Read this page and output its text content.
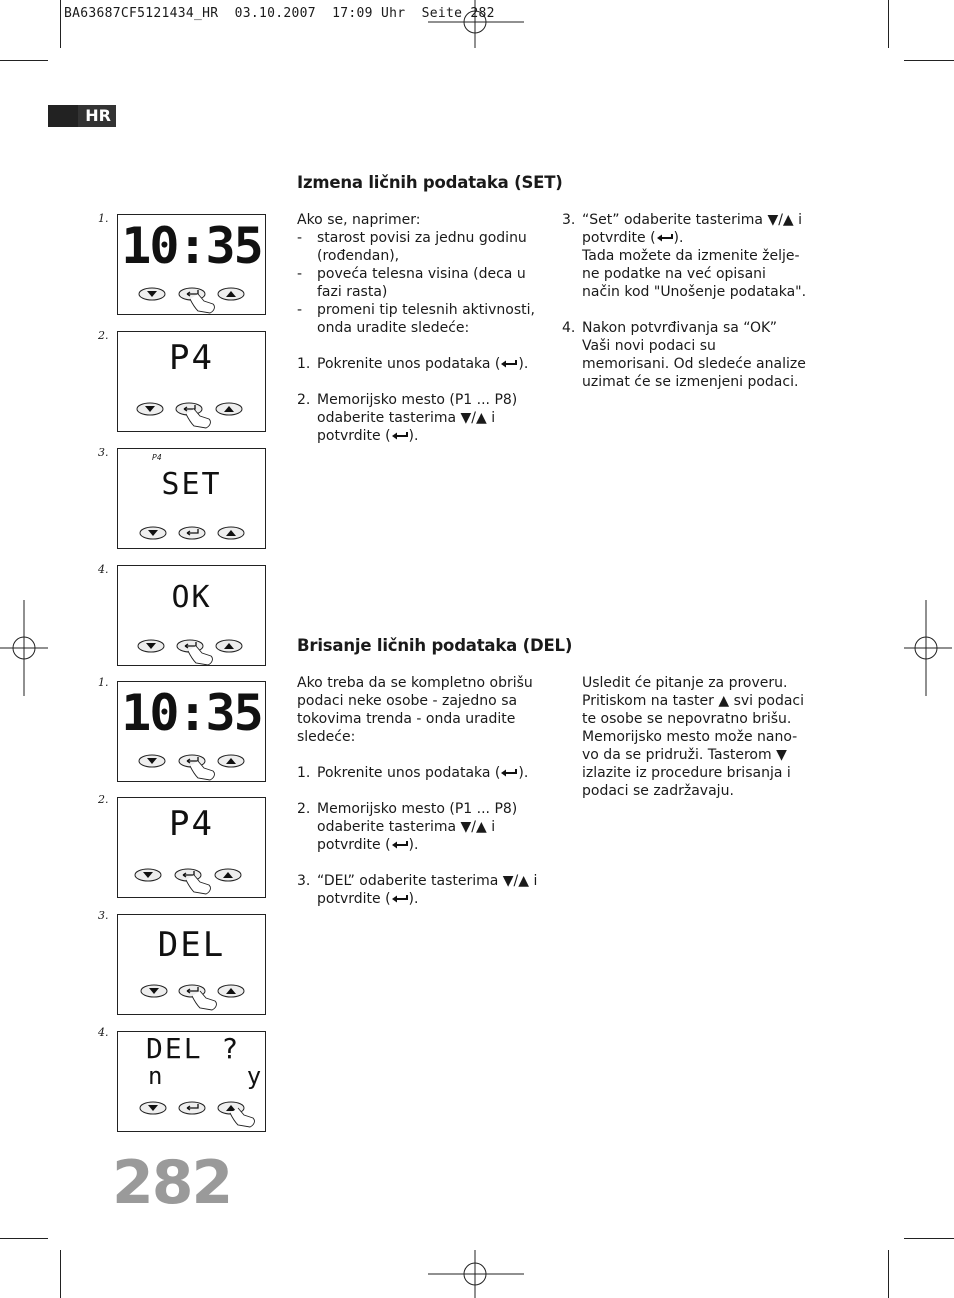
BA63687CF5121434_HR  03.10.2007  17:09 Uhr  Seite 282
HR
Izmena ličnih podataka (SET)

Ako se, naprimer:

-	starost povisi za jednu godinu (rođendan),
-	poveća telesna visina (deca u fazi rasta)
-	promeni tip telesnih aktivnosti, onda uradite sledeće:
1. Pokrenite unos podataka ( ).
2. Memorijsko mesto (P1 ... P8) odaberite tasterima ▼/▲ i potvrdite ( ).
3. “Set” odaberite tasterima ▼/▲ i potvrdite ( ).
Tada možete da izmenite želje-ne podatke na već opisani način kod "Unošenje podataka".
4. Nakon potvrđivanja sa “OK” Vaši novi podaci su memorisani. Od sledeće analize uzimat će se izmenjeni podaci.
1. 10:35
2.
P4
3.	P4
SET
4.
OK
Brisanje ličnih podataka (DEL)

Ako treba da se kompletno obrišu podaci neke osobe - zajedno sa tokovima trenda - onda uradite sledeće:

1. Pokrenite unos podataka ( ).
2. Memorijsko mesto (P1 ... P8) odaberite tasterima ▼/▲ i potvrdite ( ).
3. “DEL” odaberite tasterima ▼/▲ i potvrdite ( ).

Usledit će pitanje za proveru. Pritiskom na taster ▲ svi podaci te osobe se nepovratno brišu. Memorijsko mesto može nano-vo da se pridruži. Tasterom ▼ izlazite iz procedure brisanja i podaci se zadržavaju.

1.
10:35
2.
P4
3.
DEL
4. DEL ?
n     y
282
